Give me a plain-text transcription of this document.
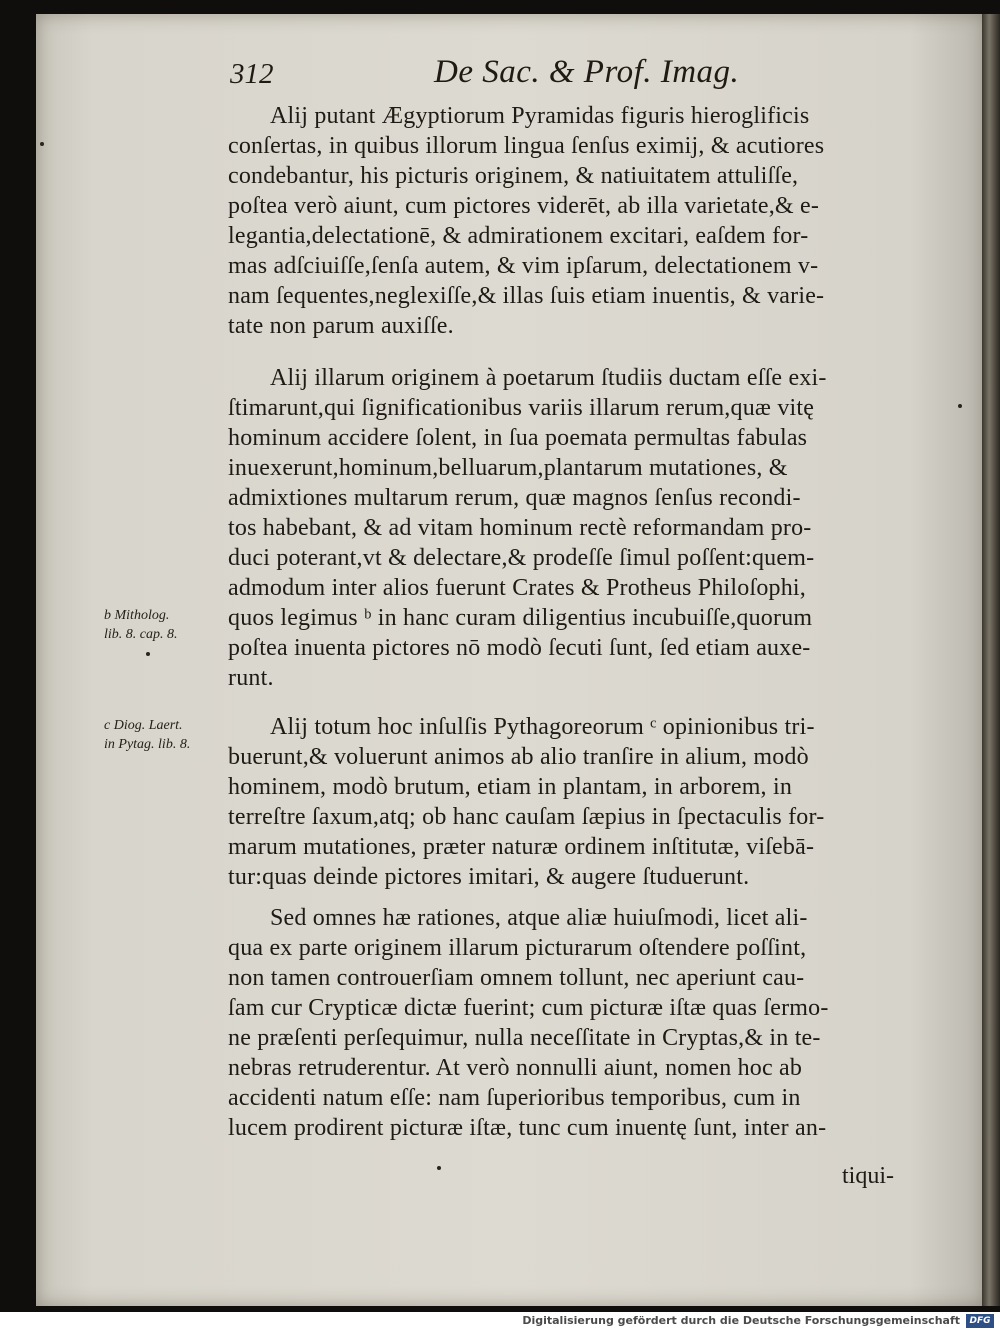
312	De Sac. & Prof. Imag.
Alij putant Ægyptiorum Pyramidas figuris hieroglificis
conſertas, in quibus illorum lingua ſenſus eximij, & acutiores
condebantur, his picturis originem, & natiuitatem attuliſſe,
poſtea verò aiunt, cum pictores viderēt, ab illa varietate,& e-
legantia,delectationē, & admirationem excitari, eaſdem for-
mas adſciuiſſe,ſenſa autem, & vim ipſarum, delectationem v-
nam ſequentes,neglexiſſe,& illas ſuis etiam inuentis, & varie-
tate non parum auxiſſe.
Alij illarum originem à poetarum ſtudiis ductam eſſe exi-
ſtimarunt,qui ſignificationibus variis illarum rerum,quæ vitę
hominum accidere ſolent, in ſua poemata permultas fabulas
inuexerunt,hominum,belluarum,plantarum mutationes, &
admixtiones multarum rerum, quæ magnos ſenſus recondi-
tos habebant, & ad vitam hominum rectè reformandam pro-
duci poterant,vt & delectare,& prodeſſe ſimul poſſent:quem-
admodum inter alios fuerunt Crates & Protheus Philoſophi,
quos legimus ᵇ in hanc curam diligentius incubuiſſe,quorum
poſtea inuenta pictores nō modò ſecuti ſunt, ſed etiam auxe-
runt.
Alij totum hoc inſulſis Pythagoreorum ᶜ opinionibus tri-
buerunt,& voluerunt animos ab alio tranſire in alium, modò
hominem, modò brutum, etiam in plantam, in arborem, in
terreſtre ſaxum,atq; ob hanc cauſam ſæpius in ſpectaculis for-
marum mutationes, præter naturæ ordinem inſtitutæ, viſebā-
tur:quas deinde pictores imitari, & augere ſtuduerunt.
Sed omnes hæ rationes, atque aliæ huiuſmodi, licet ali-
qua ex parte originem illarum picturarum oſtendere poſſint,
non tamen controuerſiam omnem tollunt, nec aperiunt cau-
ſam cur Crypticæ dictæ fuerint; cum picturæ iſtæ quas ſermo-
ne præſenti perſequimur, nulla neceſſitate in Cryptas,& in te-
nebras retruderentur. At verò nonnulli aiunt, nomen hoc ab
accidenti natum eſſe: nam ſuperioribus temporibus, cum in
lucem prodirent picturæ iſtæ, tunc cum inuentę ſunt, inter an-
b Mitholog.
lib. 8. cap. 8.
c Diog. Laert.
in Pytag. lib. 8.
tiqui-
Digitalisierung gefördert durch die Deutsche Forschungsgemeinschaft	DFG
